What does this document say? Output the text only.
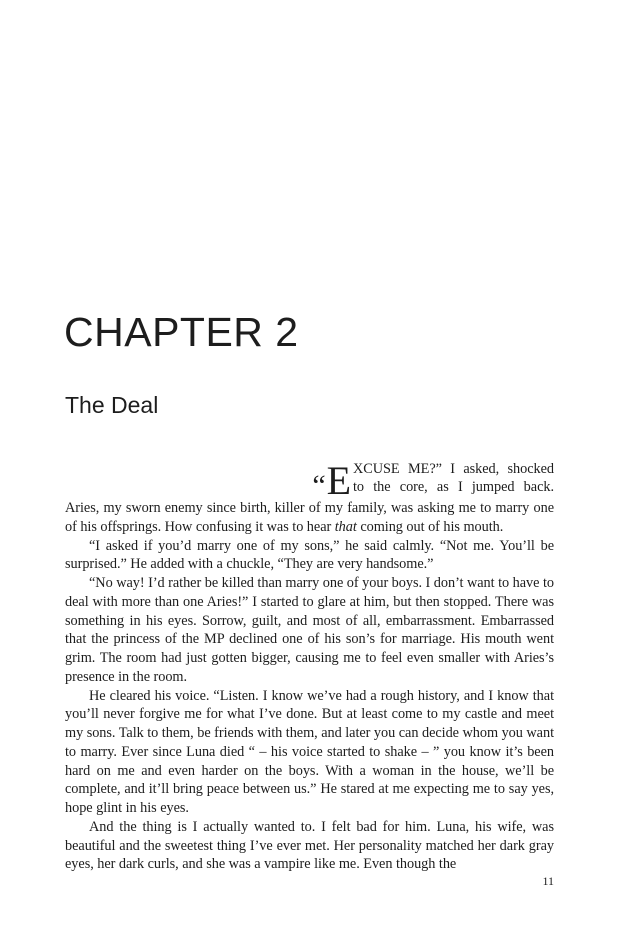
CHAPTER 2
The Deal
“ E XCUSE ME?” I asked, shocked
to the core, as I jumped back.

Aries, my sworn enemy since birth, killer of my family, was asking me to marry one of his offsprings. How confusing it was to hear that coming out of his mouth.

“I asked if you’d marry one of my sons,” he said calmly. “Not me. You’ll be surprised.” He added with a chuckle, “They are very handsome.”

“No way! I’d rather be killed than marry one of your boys. I don’t want to have to deal with more than one Aries!” I started to glare at him, but then stopped. There was something in his eyes. Sorrow, guilt, and most of all, embarrassment. Embarrassed that the princess of the MP declined one of his son’s for marriage. His mouth went grim. The room had just gotten bigger, causing me to feel even smaller with Aries’s presence in the room.

He cleared his voice. “Listen. I know we’ve had a rough history, and I know that you’ll never forgive me for what I’ve done. But at least come to my castle and meet my sons. Talk to them, be friends with them, and later you can decide whom you want to marry. Ever since Luna died “ – his voice started to shake – ” you know it’s been hard on me and even harder on the boys. With a woman in the house, we’ll be complete, and it’ll bring peace between us.” He stared at me expecting me to say yes, hope glint in his eyes.

And the thing is I actually wanted to. I felt bad for him. Luna, his wife, was beautiful and the sweetest thing I’ve ever met. Her personality matched her dark gray eyes, her dark curls, and she was a vampire like me. Even though the

11
